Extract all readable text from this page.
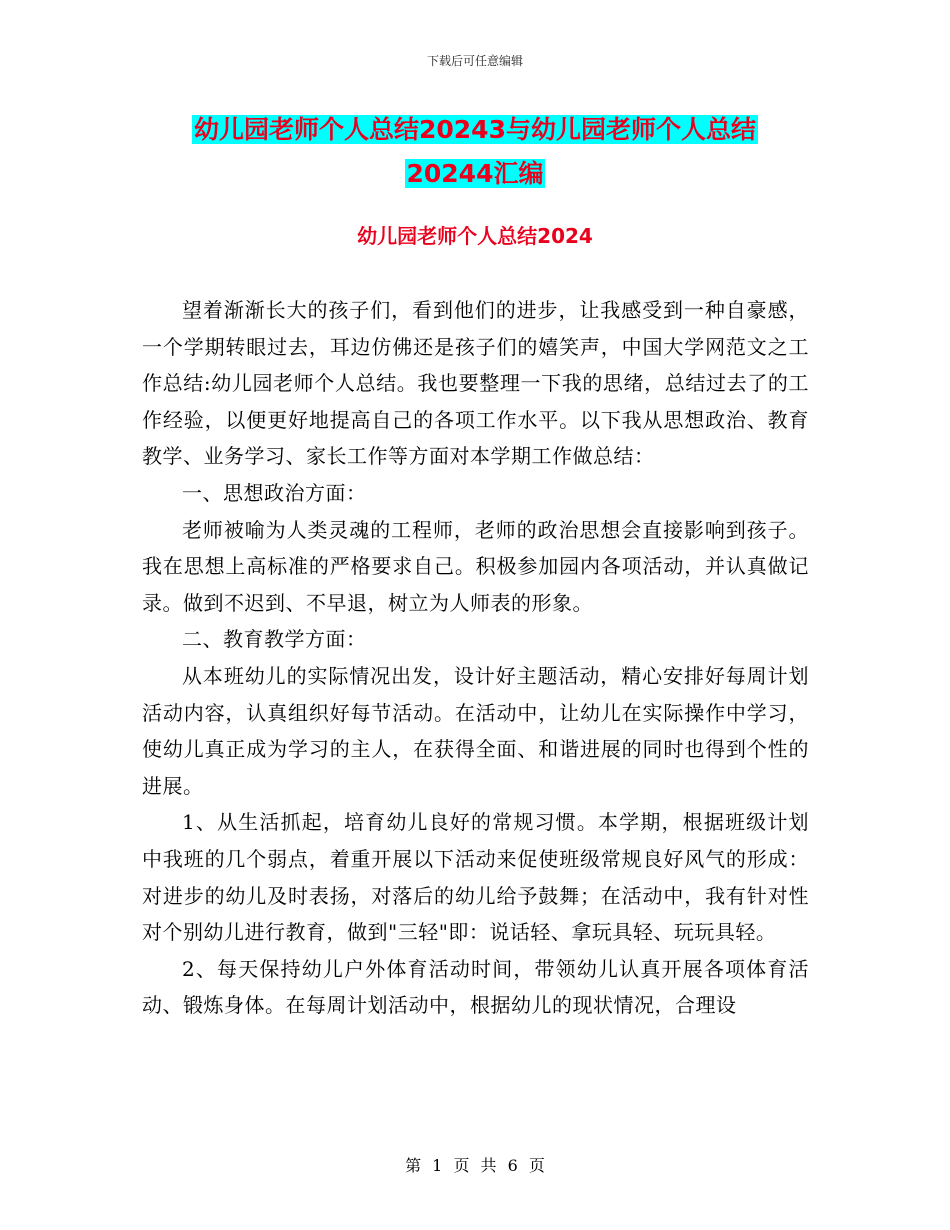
下载后可任意编辑
幼儿园老师个人总结20243与幼儿园老师个人总结
20244汇编
幼儿园老师个人总结2024

望着渐渐长大的孩子们，看到他们的进步，让我感受到一种自豪感，一个学期转眼过去，耳边仿佛还是孩子们的嬉笑声，中国大学网范文之工作总结:幼儿园老师个人总结。我也要整理一下我的思绪，总结过去了的工作经验，以便更好地提高自己的各项工作水平。以下我从思想政治、教育教学、业务学习、家长工作等方面对本学期工作做总结：

一、思想政治方面：

老师被喻为人类灵魂的工程师，老师的政治思想会直接影响到孩子。我在思想上高标准的严格要求自己。积极参加园内各项活动，并认真做记录。做到不迟到、不早退，树立为人师表的形象。

二、教育教学方面：

从本班幼儿的实际情况出发，设计好主题活动，精心安排好每周计划活动内容，认真组织好每节活动。在活动中，让幼儿在实际操作中学习，使幼儿真正成为学习的主人，在获得全面、和谐进展的同时也得到个性的进展。

1、从生活抓起，培育幼儿良好的常规习惯。本学期，根据班级计划中我班的几个弱点，着重开展以下活动来促使班级常规良好风气的形成：对进步的幼儿及时表扬，对落后的幼儿给予鼓舞；在活动中，我有针对性对个别幼儿进行教育，做到"三轻"即：说话轻、拿玩具轻、玩玩具轻。

2、每天保持幼儿户外体育活动时间，带领幼儿认真开展各项体育活动、锻炼身体。在每周计划活动中，根据幼儿的现状情况，合理设

第 1 页 共 6 页
